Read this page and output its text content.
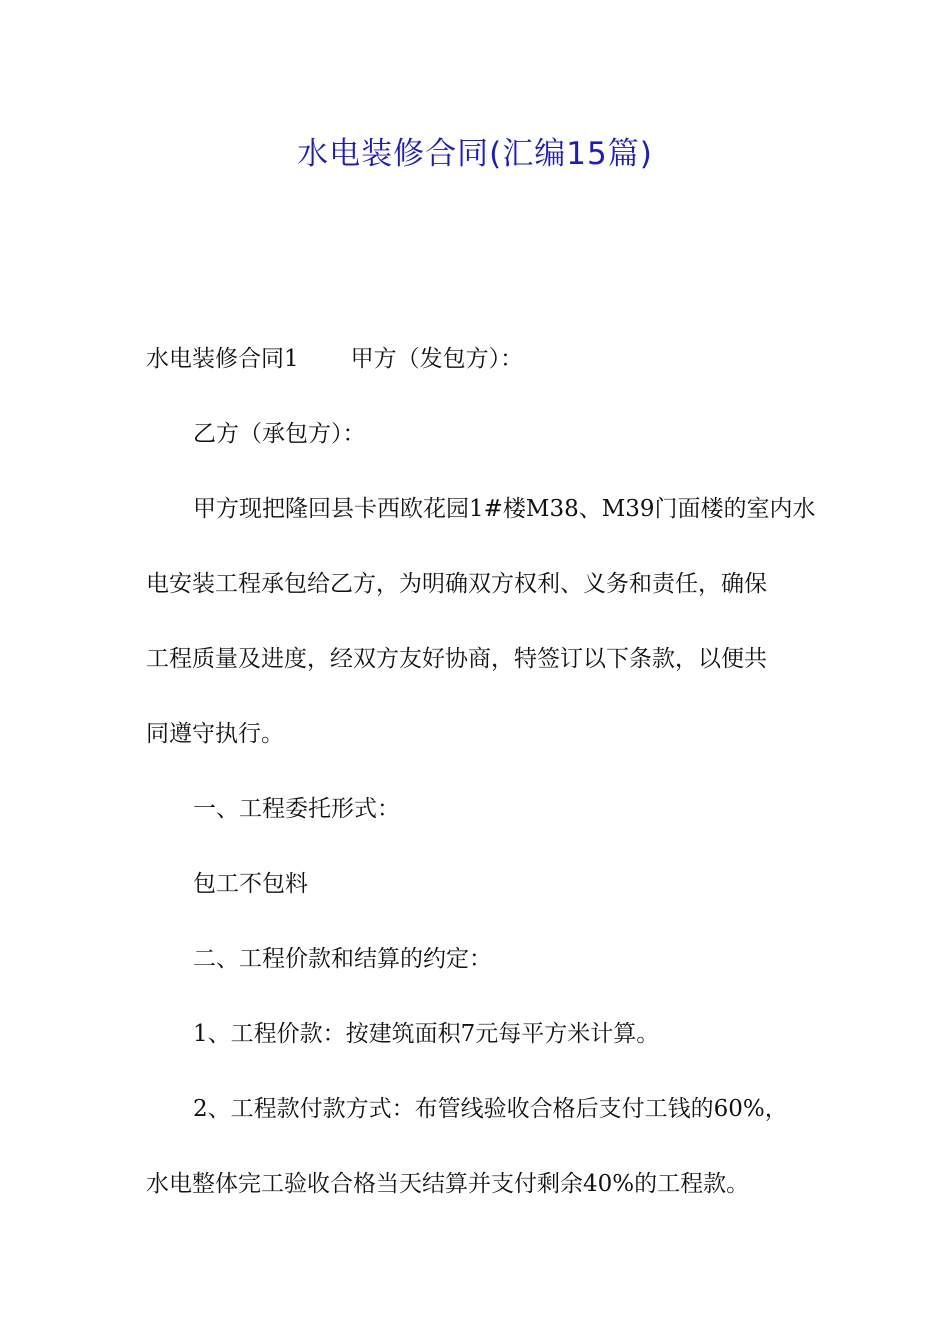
水电装修合同(汇编15篇)
水电装修合同1 甲方（发包方）：
乙方（承包方）：
甲方现把隆回县卡西欧花园1#楼M38、M39门面楼的室内水
电安装工程承包给乙方，为明确双方权利、义务和责任，确保
工程质量及进度，经双方友好协商，特签订以下条款，以便共
同遵守执行。
一、工程委托形式：
包工不包料
二、工程价款和结算的约定：
1、工程价款：按建筑面积7元每平方米计算。
2、工程款付款方式：布管线验收合格后支付工钱的60%，
水电整体完工验收合格当天结算并支付剩余40%的工程款。
